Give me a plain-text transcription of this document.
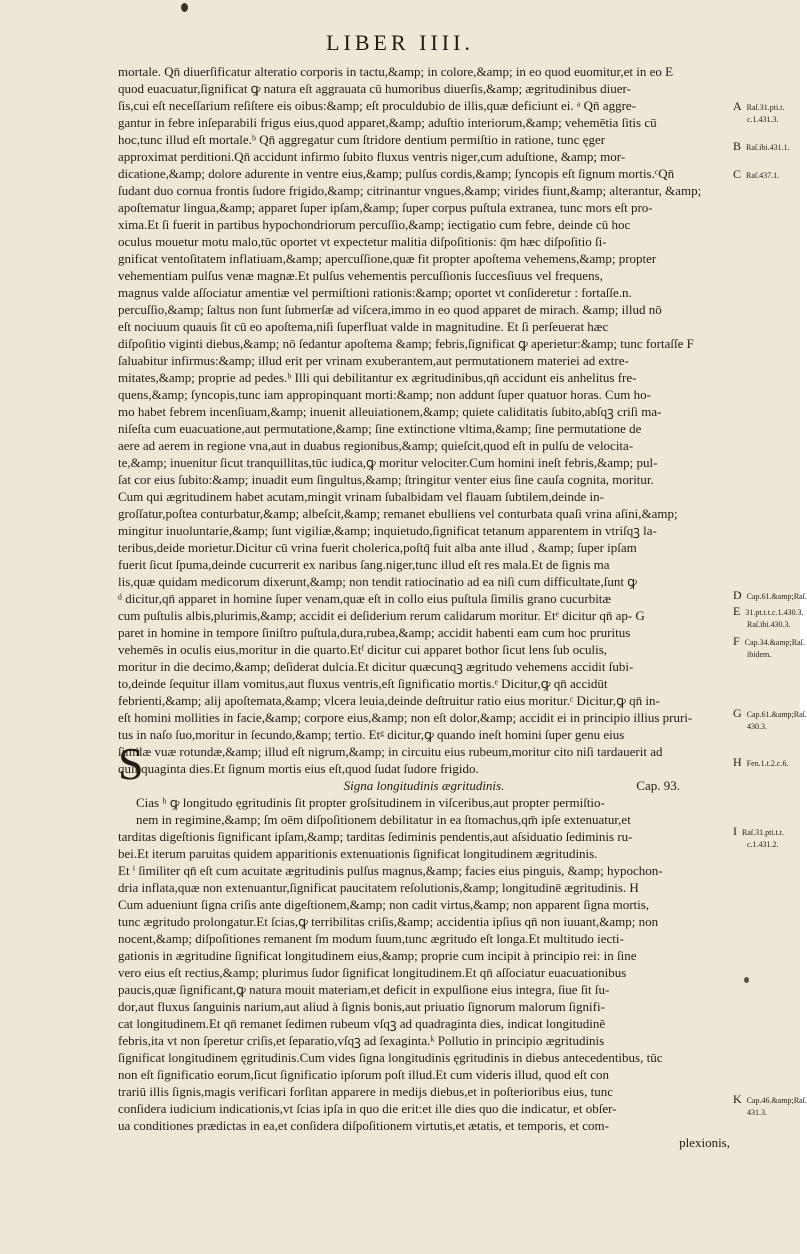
LIBER IIII.
mortale. Qn̄ diuerſificatur alteratio corporis in tactu,&amp; in colore,&amp; in eo quod euomitur,et in eo E
quod euacuatur,ſignificat ꝙ natura eſt aggrauata cū humoribus diuerſis,&amp; ægritudinibus diuer-
ſis,cui eſt neceſſarium reſiſtere eis oibus:&amp; eſt proculdubio de illis,quæ deficiunt ei. ᵃ Qn̄ aggre-
gantur in febre inſeparabili frigus eius,quod apparet,&amp; aduſtio interiorum,&amp; vehemētia ſitis cū
hoc,tunc illud eſt mortale.ᵇ Qn̄ aggregatur cum ſtridore dentium permiſtio in ratione, tunc ęger
approximat perditioni.Qn̄ accidunt infirmo ſubito fluxus ventris niger,cum aduſtione, &amp; mor-
dicatione,&amp; dolore adurente in ventre eius,&amp; pulſus cordis,&amp; ſyncopis eſt ſignum mortis.ᶜQn̄
ſudant duo cornua frontis ſudore frigido,&amp; citrinantur vngues,&amp; virides fiunt,&amp; alterantur, &amp;
apoſtematur lingua,&amp; apparet ſuper ipſam,&amp; ſuper corpus puſtula extranea, tunc mors eſt pro-
xima.Et ſi fuerit in partibus hypochondriorum percuſſio,&amp; iectigatio cum febre, deinde cū hoc
oculus mouetur motu malo,tūc oportet vt expectetur malitia diſpoſitionis: q̄m hæc diſpoſitio ſi-
gnificat ventoſitatem inflatiuam,&amp; apercuſſione,quæ fit propter apoſtema vehemens,&amp; propter
vehementiam pulſus venæ magnæ.Et pulſus vehementis percuſſionis ſuccesſiuus vel frequens,
magnus valde aſſociatur amentiæ vel permiſtioni rationis:&amp; oportet vt conſideretur : fortaſſe.n.
percuſſio,&amp; ſaltus non ſunt ſubmerſæ ad viſcera,immo in eo quod apparet de mirach. &amp; illud nō
eſt nociuum quauis ſit cū eo apoſtema,niſi ſuperfluat valde in magnitudine. Et ſi perſeuerat hæc
diſpoſitio viginti diebus,&amp; nō ſedantur apoſtema &amp; febris,ſignificat ꝙ aperietur:&amp; tunc fortaſſe F
ſaluabitur infirmus:&amp; illud erit per vrinam exuberantem,aut permutationem materiei ad extre-
mitates,&amp; proprie ad pedes.ᵇ Illi qui debilitantur ex ægritudinibus,qn̄ accidunt eis anhelitus fre-
quens,&amp; ſyncopis,tunc iam appropinquant morti:&amp; non addunt ſuper quatuor horas. Cum ho-
mo habet febrem incenſiuam,&amp; inuenit alleuiationem,&amp; quiete caliditatis ſubito,abſqꝫ criſi ma-
niſeſta cum euacuatione,aut permutatione,&amp; ſine extinctione vltima,&amp; ſine permutatione de
aere ad aerem in regione vna,aut in duabus regionibus,&amp; quieſcit,quod eſt in pulſu de velocita-
te,&amp; inuenitur ſicut tranquillitas,tūc iudica,ꝙ moritur velociter.Cum homini ineſt febris,&amp; pul-
ſat cor eius ſubito:&amp; inuadit eum ſingultus,&amp; ſtringitur venter eius ſine cauſa cognita, moritur.
Cum qui ægritudinem habet acutam,mingit vrinam ſubalbidam vel flauam ſubtilem,deinde in-
groſſatur,poſtea conturbatur,&amp; albeſcit,&amp; remanet ebulliens vel conturbata quaſi vrina aſini,&amp;
mingitur inuoluntarie,&amp; ſunt vigiliæ,&amp; inquietudo,ſignificat tetanum apparentem in vtriſqꝫ la-
teribus,deide morietur.Dicitur cū vrina fuerit cholerica,poſtq̄ fuit alba ante illud , &amp; ſuper ipſam
fuerit ſicut ſpuma,deinde cucurrerit ex naribus ſang.niger,tunc illud eſt res mala.Et de ſignis ma
lis,quæ quidam medicorum dixerunt,&amp; non tendit ratiocinatio ad ea niſi cum difficultate,ſunt ꝙ
ᵈ dicitur,qn̄ apparet in homine ſuper venam,quæ eſt in collo eius puſtula ſimilis grano cucurbitæ
cum puſtulis albis,plurimis,&amp; accidit ei deſiderium rerum calidarum moritur. Etᵉ dicitur qn̄ ap- G
paret in homine in tempore ſiniſtro puſtula,dura,rubea,&amp; accidit habenti eam cum hoc pruritus
vehemēs in oculis eius,moritur in die quarto.Etᶠ dicitur cui apparet bothor ſicut lens ſub oculis,
moritur in die decimo,&amp; deſiderat dulcia.Et dicitur quæcunqꝫ ægritudo vehemens accidit ſubi-
to,deinde ſequitur illam vomitus,aut fluxus ventris,eſt ſignificatio mortis.ᵉ Dicitur,ꝙ qn̄ accidūt
febrienti,&amp; alij apoſtemata,&amp; vlcera leuia,deinde deſtruitur ratio eius moritur.ᶜ Dicitur,ꝙ qn̄ in-
eſt homini mollities in facie,&amp; corpore eius,&amp; non eſt dolor,&amp; accidit ei in principio illius pruri-
tus in naſo ſuo,moritur in ſecundo,&amp; tertio. Etᵍ dicitur,ꝙ quando ineſt homini ſuper genu eius
ſimilæ vuæ rotundæ,&amp; illud eſt nigrum,&amp; in circuitu eius rubeum,moritur cito niſi tardauerit ad
quinquaginta dies.Et ſignum mortis eius eſt,quod ſudat ſudore frigido.
Signa longitudinis ægritudinis.	Cap. 93.
Cias ʰ ꝙ longitudo ęgritudinis ſit propter groſsitudinem in viſceribus,aut propter permiſtio-
nem in regimine,&amp; ſm oēm diſpoſitionem debilitatur in ea ſtomachus,qm̄ ipſe extenuatur,et
tarditas digeſtionis ſignificant ipſam,&amp; tarditas ſediminis pendentis,aut aſsiduatio ſediminis ru-
bei.Et iterum paruitas quidem apparitionis extenuationis ſignificat longitudinem ægritudinis.
Et ⁱ ſimiliter qn̄ eſt cum acuitate ægritudinis pulſus magnus,&amp; facies eius pinguis, &amp; hypochon-
dria inflata,quæ non extenuantur,ſignificat paucitatem reſolutionis,&amp; longitudinē ægritudinis. H
Cum adueniunt ſigna criſis ante digeſtionem,&amp; non cadit virtus,&amp; non apparent ſigna mortis,
tunc ægritudo prolongatur.Et ſcias,ꝙ terribilitas criſis,&amp; accidentia ipſius qn̄ non iuuant,&amp; non
nocent,&amp; diſpoſitiones remanent ſm modum ſuum,tunc ægritudo eſt longa.Et multitudo iecti-
gationis in ægritudine ſignificat longitudinem eius,&amp; proprie cum incipit à principio rei: in ſine
vero eius eſt rectius,&amp; plurimus ſudor ſignificat longitudinem.Et qn̄ aſſociatur euacuationibus
paucis,quæ ſignificant,ꝙ natura mouit materiam,et deficit in expulſione eius integra, ſiue ſit ſu-
dor,aut fluxus ſanguinis narium,aut aliud à ſignis bonis,aut priuatio ſignorum malorum ſignifi-
cat longitudinem.Et qn̄ remanet ſedimen rubeum vſqꝫ ad quadraginta dies, indicat longitudinē
febris,ita vt non ſperetur criſis,et ſeparatio,vſqꝫ ad ſexaginta.ᵏ Pollutio in principio ægritudinis
ſignificat longitudinem ęgritudinis.Cum vides ſigna longitudinis ęgritudinis in diebus antecedentibus, tūc
non eſt ſignificatio eorum,ſicut ſignificatio ipſorum poſt illud.Et cum videris illud, quod eſt con
trariū illis ſignis,magis verificari forſitan apparere in medijs diebus,et in poſterioribus eius, tunc
conſidera iudicium indicationis,vt ſcias ipſa in quo die erit:et ille dies quo die indicatur, et obſer-
ua conditiones prædictas in ea,et conſidera diſpoſitionem virtutis,et ætatis, et temporis, et com-
plexionis,
S
A Raſ.31.pti.t.
c.1.431.3.
B Raſ.ibi.431.1.
C Raſ.437.1.
D Cap.61.&amp;Raſ.
E 31.pt.t.t.c.1.430.3.
Raſ.ibi.430.3.
F Cap.34.&amp;Raſ.
ibidem.
G Cap.61.&amp;Raſ.
430.3.
H Fen.1.t.2.c.6.
I Raſ.31.pti.t.t.
c.1.431.2.
K Cap.46.&amp;Raſ.
431.3.
